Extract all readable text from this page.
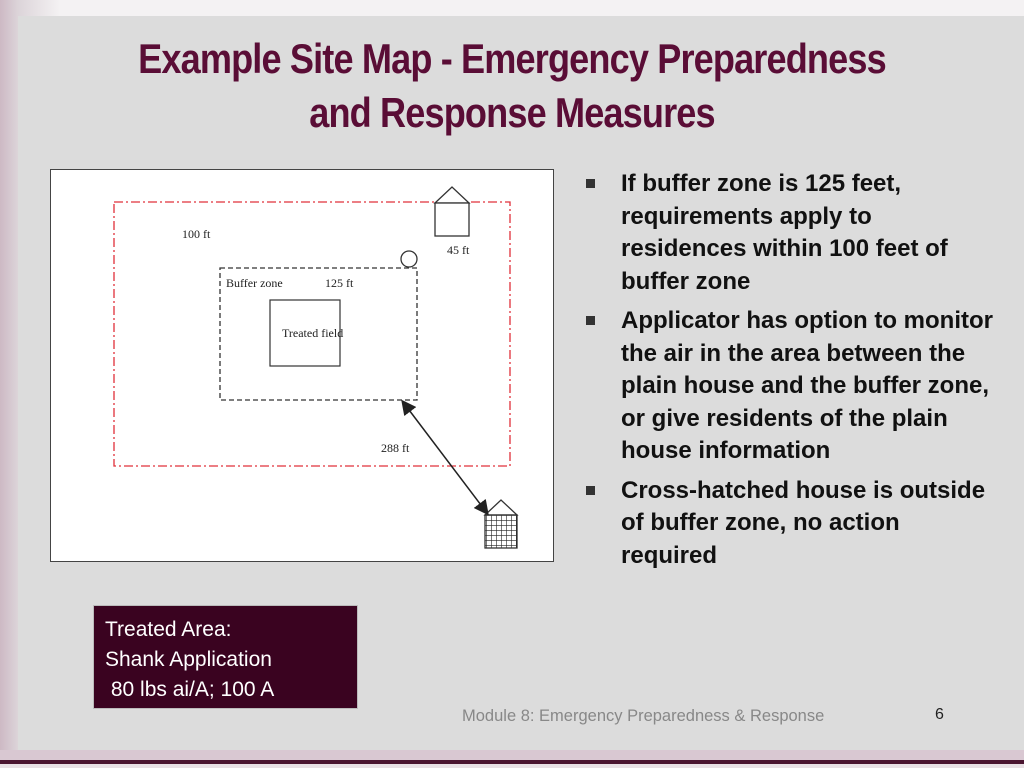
Example Site Map - Emergency Preparedness
and Response Measures
100 ft
45 ft
Buffer zone	125 ft
Treated field
288 ft
If buffer zone is 125 feet, requirements apply to residences within 100 feet of buffer zone
Applicator has option to monitor the air in the area between the plain house and the buffer zone, or give residents of the plain house information
Cross-hatched house is outside of buffer zone, no action required
Treated Area:
Shank Application
80 lbs ai/A; 100 A
Module 8: Emergency Preparedness & Response	6
